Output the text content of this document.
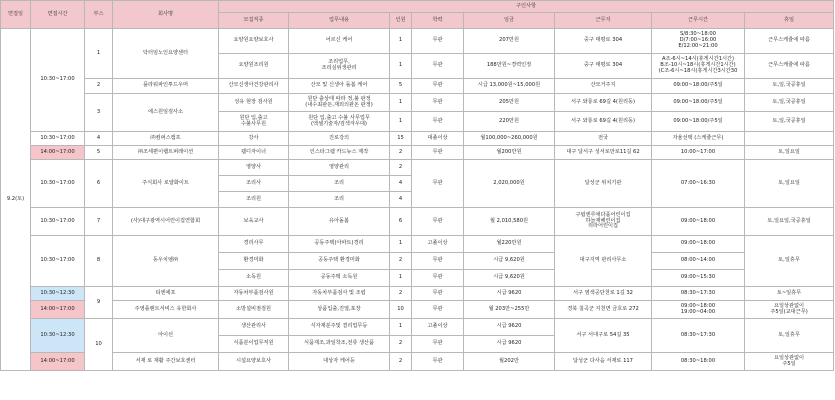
면접일	면접시간	부스	회사명	구인사항							
				모집직종	업무내용	인원	학력	임금	근무지	근무시간	휴일
9.2(토)	10:30~17:00	1	닥터임노인요양센터	요양원요양보호사	어르신 케어	1	무관	207만원	중구 태평로 304	S/8:30~18:00
D/7:00~16:00
E/12:00~21:00	근무스케쥴에 따름
				요양원조리원	조리업무,
조리실위생관리	1	무관	188만원~경력인정	중구 태평로 304	A조-6시~14시(휴게시간1시간)
B조-10시~18시(휴게시간1시간)
(C조-6시~18시(휴게시간3시간30	근무스케쥴에 따름
		2	플라워파인투드우머	산모신생아건강관리사	산모 및 신생아 돌봄 케어	5	무관	시급 13,000원~15,000원	산모거주지	09:00~18:00/주5일	토,일,국공휴일
		3	에스원임검사소	성유 현장 검사원	원단 출상태 따라 정,불 판정
(내수최판돈,재외의판돈 판정)	1	무관	205만원	서구 와룡로 69길 4(원리동)	09:00~18:00/주5일	토,일,국공휴일
				원단 입,출고
수불사무원	원단 입,출고 수불 사무업무
(엑셀기술자/검색자우대)	1	무관	220만원	서구 와룡로 69길 4(원리동)	09:00~18:00/주5일	토,일,국공휴일
	10:30~17:00	4	㈜컴퍼스캠프	강사	진로강의	15	대졸이상	월100,000~260,000원	전국	자율선택 (스케쥴근무)	
	14:00~17:00	5	㈜조세편이랩트퍼레이션	웹디자이너	인스타그램 카드뉴스 제작	2	무관	월200만원	대구 달서구 성서로만로11길 62	10:00~17:00	토,일요일
	10:30~17:00	6	주식회사 로얄화이트	영양사	영양관리	2	무관	2,020,000원	달성군 위치기관	07:00~16:30	토,일요일
				조리사	조리	4					
				조리원	조리	4					
	10:30~17:00	7	(사)대구광역시어린이집연합회	보육교사	유아돌봄	6	무관	월 2,010,580원	구립엔루애다품어린이집
하늘재해린이집
리라어린이집	09:00~18:00	토,일요일,국공휴일
	10:30~17:00	8	동우치엠㈜	경리사무	공동주택(아파트)경리	1	고졸이상	월220만원	대구지역 관리사무소	09:00~18:00	토,일휴무
				환경미화	공동주택 환경미화	2	무관	시급 9,620원		08:00~14:00	
				소독원	공동주택 소독원	1	무관	시급 9,620원		09:00~15:30	
	10:30~12:30	9	티엔에프	자동차부품검사원	자동차부품검사 및 조립	2	무관	시급 9620	서구 염색공단천로 1길 32	08:30~17:30	토~일휴무
	14:00~17:00		주영플랜트서비스 유한회사	소방설비점검원	상품입출,진열,포장	10	무관	월 203만~255만	경북 칠곡군 지천면 금호로 272	09:00~18:00
19:00~04:00	요일상관없이
주5일(교대근무)
	10:30~12:30	10	아이선	생산관리사	식자재분주및 결리업무등	1	고졸이상	시급 9620	서구 서대구로 54길 35	08:30~17:30	토,일휴무
				식품분이업무직원	식품재조,과일착조,전류 생산품	2	무관	시급 9620			
	14:00~17:00		서재 로 재활 주간보호센터	시설요양보호사	대상자 케어등	2	무관	월202만	달성군 다사읍 서재로 117	08:30~18:00	요일상관없이
주5일
